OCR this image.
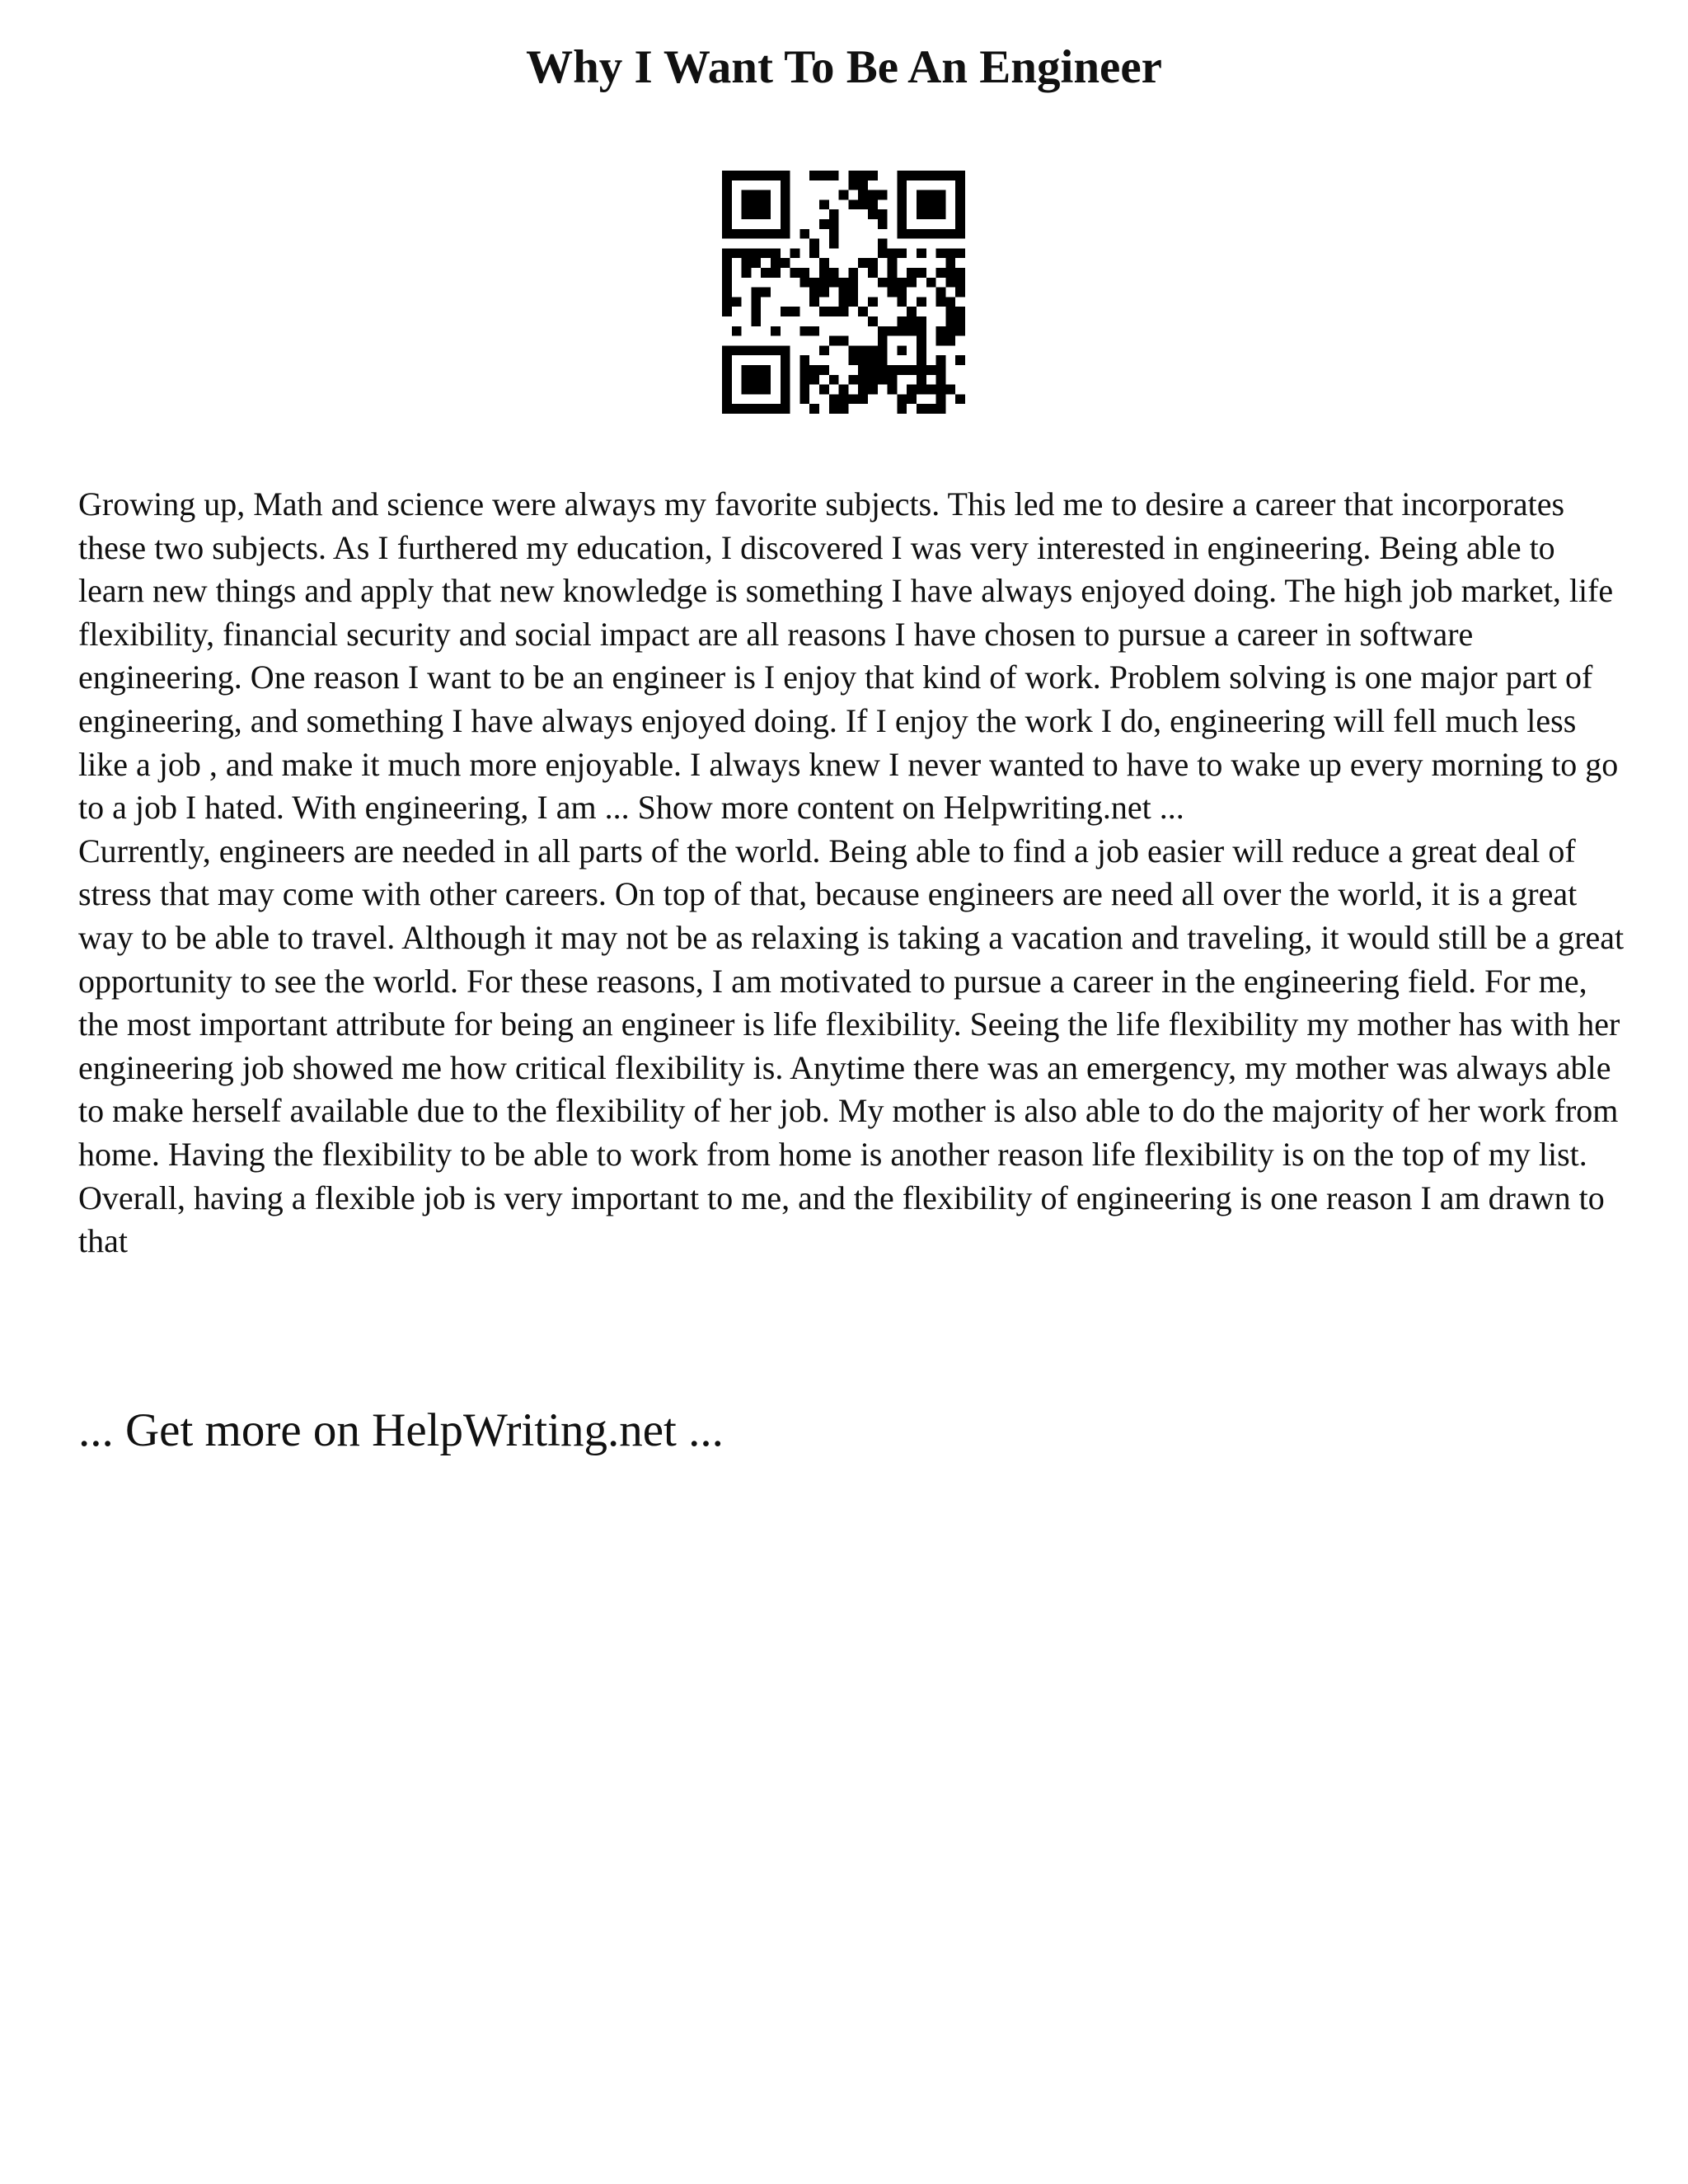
Why I Want To Be An Engineer

Growing up, Math and science were always my favorite subjects. This led me to desire a career that incorporates these two subjects. As I furthered my education, I discovered I was very interested in engineering. Being able to learn new things and apply that new knowledge is something I have always enjoyed doing. The high job market, life flexibility, financial security and social impact are all reasons I have chosen to pursue a career in software engineering. One reason I want to be an engineer is I enjoy that kind of work. Problem solving is one major part of engineering, and something I have always enjoyed doing. If I enjoy the work I do, engineering will fell much less like a job , and make it much more enjoyable. I always knew I never wanted to have to wake up every morning to go to a job I hated. With engineering, I am ... Show more content on Helpwriting.net ...

Currently, engineers are needed in all parts of the world. Being able to find a job easier will reduce a great deal of stress that may come with other careers. On top of that, because engineers are need all over the world, it is a great way to be able to travel. Although it may not be as relaxing is taking a vacation and traveling, it would still be a great opportunity to see the world. For these reasons, I am motivated to pursue a career in the engineering field. For me, the most important attribute for being an engineer is life flexibility. Seeing the life flexibility my mother has with her engineering job showed me how critical flexibility is. Anytime there was an emergency, my mother was always able to make herself available due to the flexibility of her job. My mother is also able to do the majority of her work from home. Having the flexibility to be able to work from home is another reason life flexibility is on the top of my list. Overall, having a flexible job is very important to me, and the flexibility of engineering is one reason I am drawn to that

... Get more on HelpWriting.net ...
